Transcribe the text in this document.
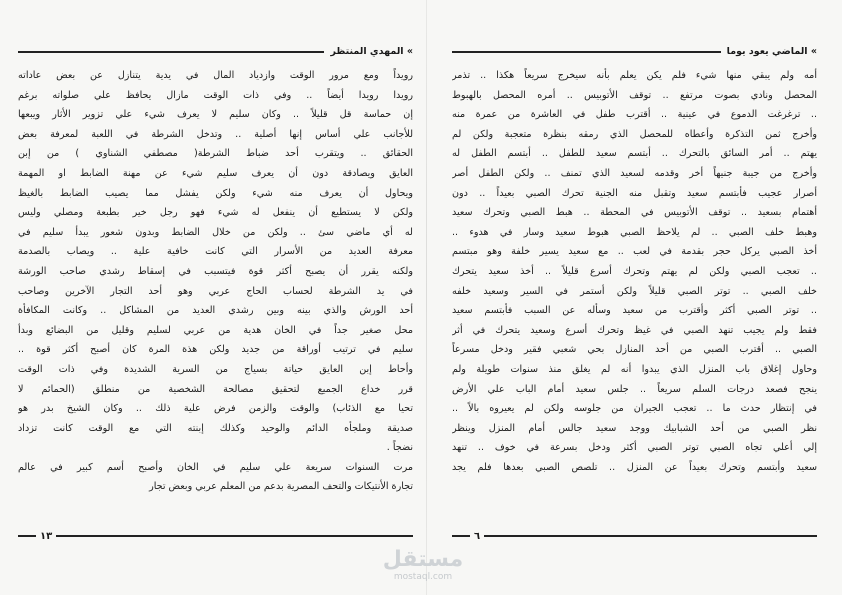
» المهدي المنتظر
رويداً ومع مرور الوقت وازدياد المال في يدية يتنازل عن بعض عاداته
رويدا رويدا أيضاً .. وفي ذات الوقت مازال يحافظ علي صلواته برغم
إن حماسة قل قليلاً .. وكان سليم لا يعرف شيء علي تزوير الأثار ويبعها
للأجانب علي أساس إنها أصلية .. وتدخل الشرطة في اللعبة لمعرفة بعض
الحقائق .. ويتقرب أحد ضباط الشرطة( مصطفي الشناوي ) من إبن
العايق ويصادقة دون أن يعرف سليم شيء عن مهنة الضابط او المهمة
ويحاول أن يعرف منه شيء ولكن يفشل مما يصيب الضابط بالغيظ
ولكن لا يستطيع أن ينفعل له شيء فهو رجل خير بطبعة ومصلي وليس
له أي ماضي سئ .. ولكن من خلال الضابط وبدون شعور يبدأ سليم في
معرفة العديد من الأسرار التي كانت خافية علية .. ويصاب بالصدمة
ولكنه يقرر أن يصبح أكثر قوة فيتسبب في إسقاط رشدي صاحب الورشة
في يد الشرطة لحساب الحاج عربي وهو أحد التجار الآخرين وصاحب
أحد الورش والذي بينه وبين رشدي العديد من المشاكل .. وكانت المكافأة
محل صغير جداً في الخان هدية من عربي لسليم وقليل من البضائع وبدأ
سليم في ترتيب أوراقة من جديد ولكن هذة المرة كان أصبح أكثر قوة ..
وأحاط إبن العايق حياتة بسياج من السرية الشديدة وفي ذات الوقت
قرر خداع الجميع لتحقيق مصالحة الشخصية من منطلق (الحمائم لا
تحيا مع الذئاب) والوقت والزمن فرض علية ذلك .. وكان الشيخ بدر هو
صديقة وملجأه الدائم والوحيد وكذلك إبنته التي مع الوقت كانت تزداد
نضجاً .
مرت السنوات سريعة علي سليم في الخان وأصبح أسم كبير في عالم
تجارة الأنتيكات والتحف المصرية بدعم من المعلم عربي وبعض تجار
» الماضي يعود يوما
أمه ولم يبقي منها شيء فلم يكن يعلم بأنه سيخرج سريعاً هكذا .. تذمر
المحصل ونادي بصوت مرتفع .. توقف الأتوبيس .. أمره المحصل بالهبوط
.. ترغرغت الدموع في عينية .. أقترب طفل في العاشرة من عمرة منه
وأخرج ثمن التذكرة وأعطاه للمحصل الذي رمقه بنظرة متعجبة ولكن لم
يهتم .. أمر السائق بالتحرك .. أبتسم سعيد للطفل .. أبتسم الطفل له
وأخرج من جيبة جنيهاً أخر وقدمه لسعيد الذي تمنف .. ولكن الطفل أصر
أصرار عجيب فأبتسم سعيد وتقبل منه الجنية تحرك الصبي بعيداً .. دون
أهتمام بسعيد .. توقف الأتوبيس في المحطة .. هبط الصبي وتحرك سعيد
وهبط خلف الصبي .. لم يلاحظ الصبي هبوط سعيد وسار في هدوء ..
أخذ الصبي يركل حجر بقدمة في لعب .. مع سعيد يسير خلفة وهو مبتسم
.. تعجب الصبي ولكن لم يهتم وتحرك أسرع قليلاً .. أخذ سعيد يتحرك
خلف الصبي .. توتر الصبي قليلاً ولكن أستمر في السير وسعيد خلفه
.. توتر الصبي أكثر وأقترب من سعيد وسأله عن السبب فأبتسم سعيد
فقط ولم يجيب تنهد الصبي في غيظ وتحرك أسرع وسعيد يتحرك في أثر
الصبي .. أقترب الصبي من أحد المنازل بحي شعبي فقير ودخل مسرعاً
وحاول إغلاق باب المنزل الذي يبدوا أنه لم يغلق منذ سنوات طويلة ولم
ينجح فصعد درجات السلم سريعاً .. جلس سعيد أمام الباب علي الأرض
في إنتظار حدث ما .. تعجب الجيران من جلوسه ولكن لم يعيروه بالاً ..
نظر الصبي من أحد الشبابيك ووجد سعيد جالس أمام المنزل وينظر
إلي أعلي تجاه الصبي توتر الصبي أكثر ودخل بسرعة في خوف .. تنهد
سعيد وأبتسم وتحرك بعيداً عن المنزل .. تلصص الصبي بعدها فلم يجد
١٣	٦
مستقل
mostaql.com
